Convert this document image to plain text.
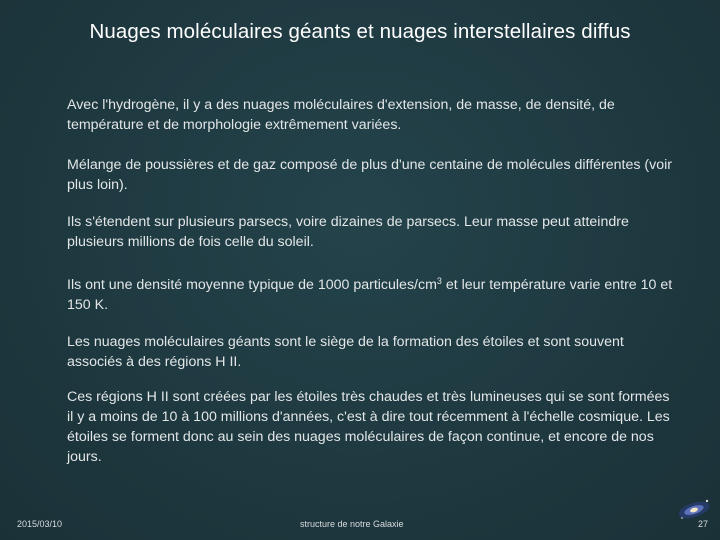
Nuages moléculaires géants et nuages interstellaires diffus
Avec l'hydrogène, il y a des nuages moléculaires d'extension, de masse, de densité, de température et de morphologie extrêmement variées.
Mélange de poussières et de gaz composé de plus d'une centaine de molécules différentes (voir plus loin).
Ils s'étendent sur plusieurs parsecs, voire dizaines de parsecs. Leur masse peut atteindre plusieurs millions de fois celle du soleil.
Ils ont une densité moyenne typique de 1000 particules/$cm^3$ et leur température varie entre 10 et 150 K.
Les nuages moléculaires géants sont le siège de la formation des étoiles et sont souvent associés à des régions H II.
Ces régions H II sont créées par les étoiles très chaudes et très lumineuses qui se sont formées il y a moins de 10 à 100 millions d'années, c'est à dire tout récemment à l'échelle cosmique. Les étoiles se forment donc au sein des nuages moléculaires de façon continue, et encore de nos jours.
2015/03/10	structure de notre Galaxie	27
